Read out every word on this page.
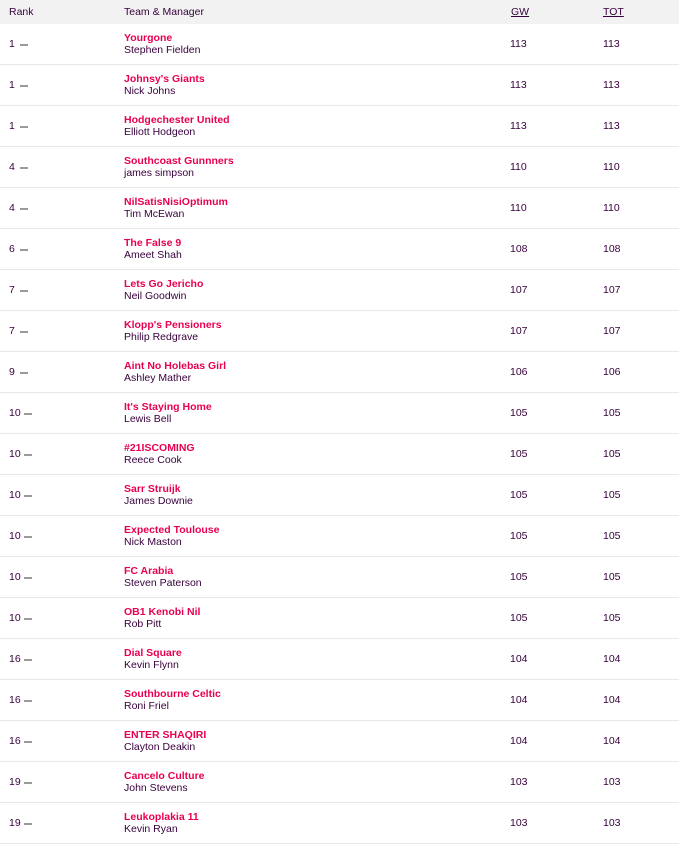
Rank	Team & Manager	GW	TOT
1	Yourgone
Stephen Fielden	113	113
1	Johnsy's Giants
Nick Johns	113	113
1	Hodgechester United
Elliott Hodgeon	113	113
4	Southcoast Gunnners
james simpson	110	110
4	NilSatisNisiOptimum
Tim McEwan	110	110
6	The False 9
Ameet Shah	108	108
7	Lets Go Jericho
Neil Goodwin	107	107
7	Klopp's Pensioners
Philip Redgrave	107	107
9	Aint No Holebas Girl
Ashley Mather	106	106
10	It's Staying Home
Lewis Bell	105	105
10	#21ISCOMING
Reece Cook	105	105
10	Sarr Struijk
James Downie	105	105
10	Expected Toulouse
Nick Maston	105	105
10	FC Arabia
Steven Paterson	105	105
10	OB1 Kenobi Nil
Rob Pitt	105	105
16	Dial Square
Kevin Flynn	104	104
16	Southbourne Celtic
Roni Friel	104	104
16	ENTER SHAQIRI
Clayton Deakin	104	104
19	Cancelo Culture
John Stevens	103	103
19	Leukoplakia 11
Kevin Ryan	103	103
